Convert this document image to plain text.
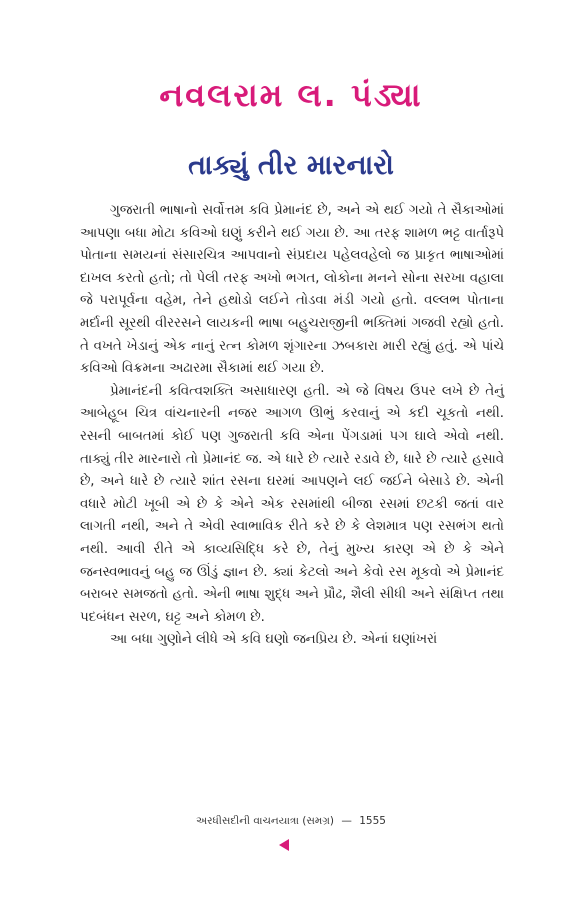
નવલરામ લ. પંડ્યા
તાક્યું તીર મારનારો

ગુજરાતી ભાષાનો સર્વોત્તમ કવિ પ્રેમાનંદ છે, અને એ થઈ ગયો તે સૈકાઓમાં આપણા બધા મોટા કવિઓ ઘણું કરીને થઈ ગયા છે. આ તરફ શામળ ભટ્ટ વાર્તારૂપે પોતાના સમયનાં સંસારચિત્ર આપવાનો સંપ્રદાય પહેલવહેલો જ પ્રાકૃત ભાષાઓમાં દાખલ કરતો હતો; તો પેલી તરફ અખો ભગત, લોકોના મનને સોના સરખા વહાલા જે પરાપૂર્વના વહેમ, તેને હથોડો લઈને તોડવા મંડી ગયો હતો. વલ્લભ પોતાના મર્દાની સૂરથી વીરરસને લાયકની ભાષા બહુચરાજીની ભક્તિમાં ગજવી રહ્યો હતો. તે વખતે ખેડાનું એક નાનું રત્ન કોમળ શૃંગારના ઝબકારા મારી રહ્યું હતું. એ પાંચે કવિઓ વિક્રમના અઢારમા સૈકામાં થઈ ગયા છે.

પ્રેમાનંદની કવિત્વશક્તિ અસાધારણ હતી. એ જે વિષય ઉપર લખે છે તેનું આબેહૂબ ચિત્ર વાંચનારની નજર આગળ ઊભું કરવાનું એ કદી ચૂકતો નથી. રસની બાબતમાં કોઈ પણ ગુજરાતી કવિ એના પેંગડામાં પગ ઘાલે એવો નથી. તાક્યું તીર મારનારો તો પ્રેમાનંદ જ. એ ધારે છે ત્યારે રડાવે છે, ધારે છે ત્યારે હસાવે છે, અને ધારે છે ત્યારે શાંત રસના ઘરમાં આપણને લઈ જઈને બેસાડે છે. એની વધારે મોટી ખૂબી એ છે કે એને એક રસમાંથી બીજા રસમાં છટકી જતાં વાર લાગતી નથી, અને તે એવી સ્વાભાવિક રીતે કરે છે કે લેશમાત્ર પણ રસભંગ થતો નથી. આવી રીતે એ કાવ્યસિદ્ધિ કરે છે, તેનું મુખ્ય કારણ એ છે કે એને જનસ્વભાવનું બહુ જ ઊંડું જ્ઞાન છે. ક્યાં કેટલો અને કેવો રસ મૂકવો એ પ્રેમાનંદ બરાબર સમજતો હતો. એની ભાષા શુદ્ધ અને પ્રૌઢ, શૈલી સીધી અને સંક્ષિપ્ત તથા પદબંધન સરળ, ઘટ્ટ અને કોમળ છે.

આ બધા ગુણોને લીધે એ કવિ ઘણો જનપ્રિય છે. એનાં ઘણાંખરાં

અરધીસદીની વાચનયાત્રા (સમગ્ર) — 1555
